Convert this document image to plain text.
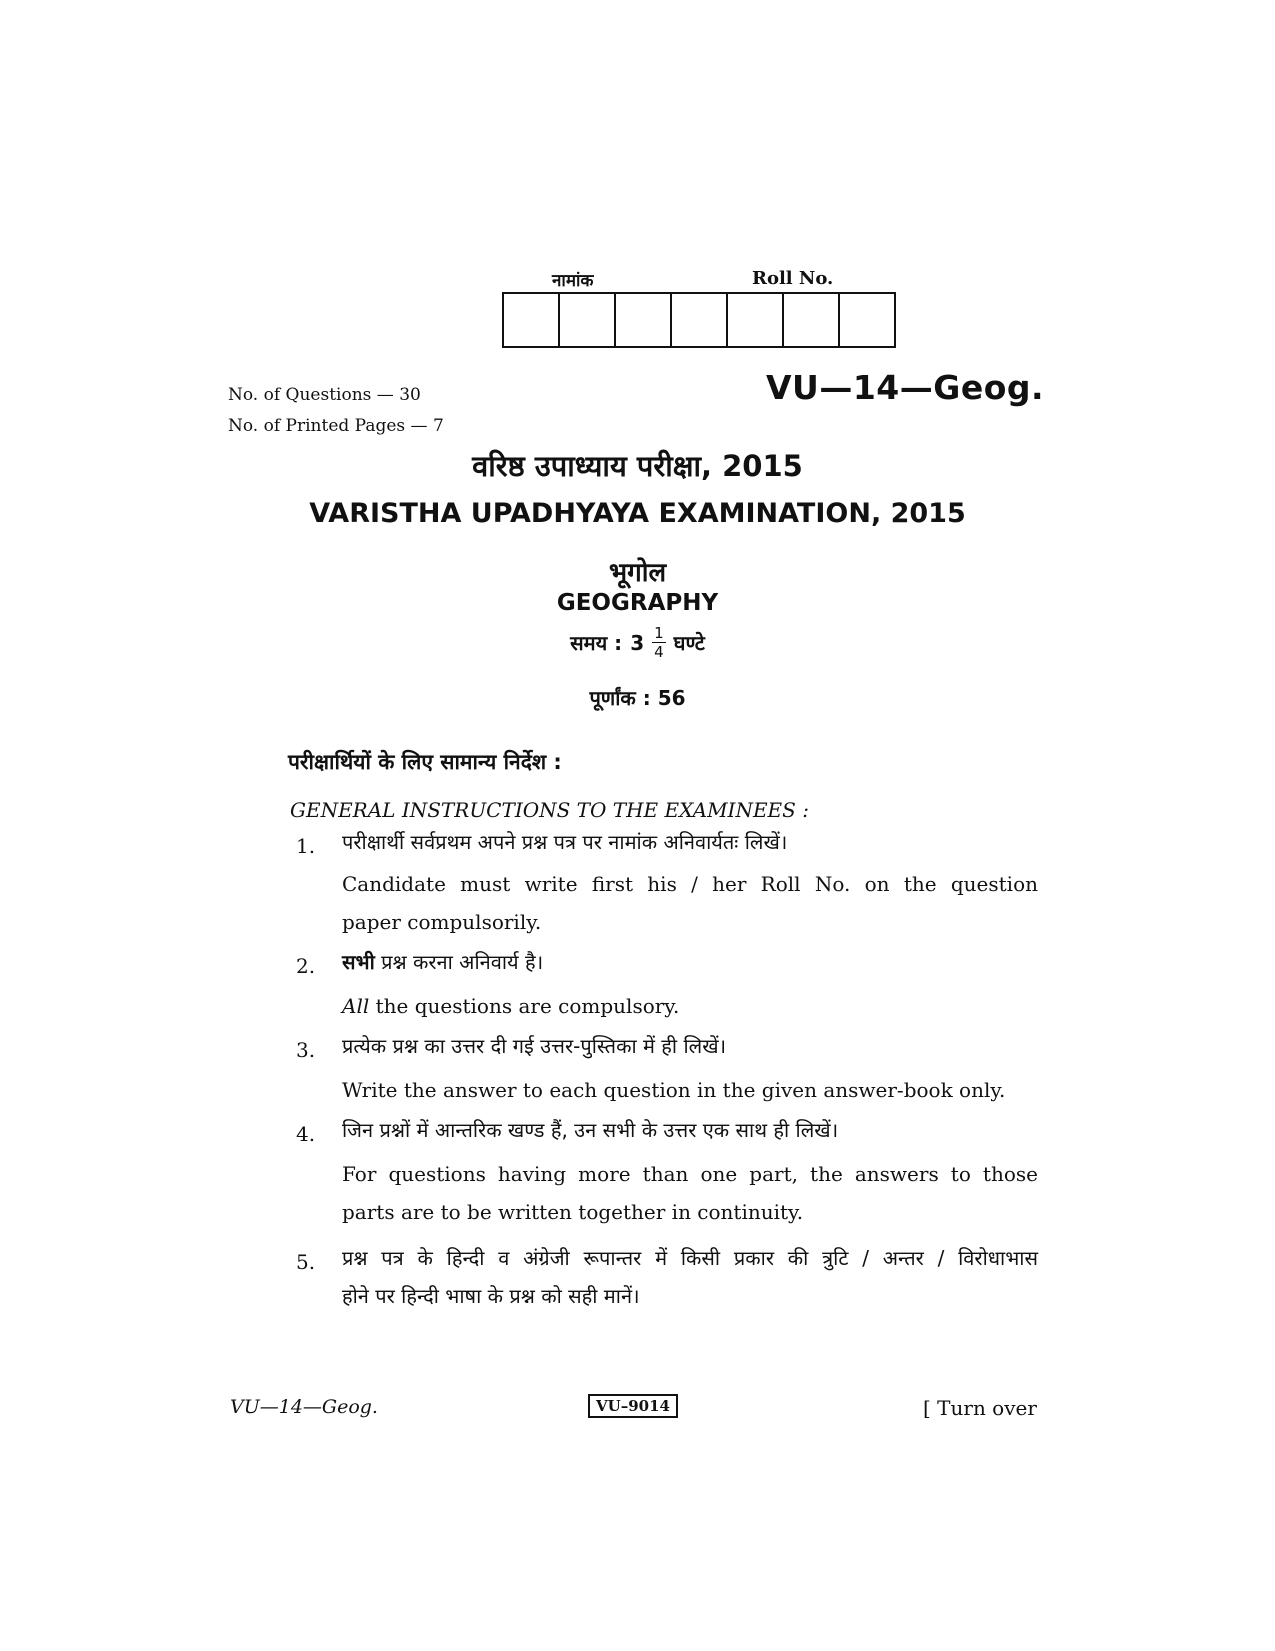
नामांक	Roll No.
No. of Questions — 30
No. of Printed Pages — 7
VU—14—Geog.
वरिष्ठ उपाध्याय परीक्षा, 2015
VARISTHA UPADHYAYA EXAMINATION, 2015
भूगोल
GEOGRAPHY
समय : $3 \frac{1}{4}$ घण्टे
पूर्णांक : 56
परीक्षार्थियों के लिए सामान्य निर्देश :
GENERAL INSTRUCTIONS TO THE EXAMINEES :
1. परीक्षार्थी सर्वप्रथम अपने प्रश्न पत्र पर नामांक अनिवार्यतः लिखें।
Candidate must write first his / her Roll No. on the question
paper compulsorily.
2. सभी प्रश्न करना अनिवार्य है।
All the questions are compulsory.
3. प्रत्येक प्रश्न का उत्तर दी गई उत्तर-पुस्तिका में ही लिखें।
Write the answer to each question in the given answer-book only.
4. जिन प्रश्नों में आन्तरिक खण्ड हैं, उन सभी के उत्तर एक साथ ही लिखें।
For questions having more than one part, the answers to those
parts are to be written together in continuity.
5. प्रश्न पत्र के हिन्दी व अंग्रेजी रूपान्तर में किसी प्रकार की त्रुटि / अन्तर / विरोधाभास
होने पर हिन्दी भाषा के प्रश्न को सही मानें।
VU—14—Geog.	VU–9014	[ Turn over
